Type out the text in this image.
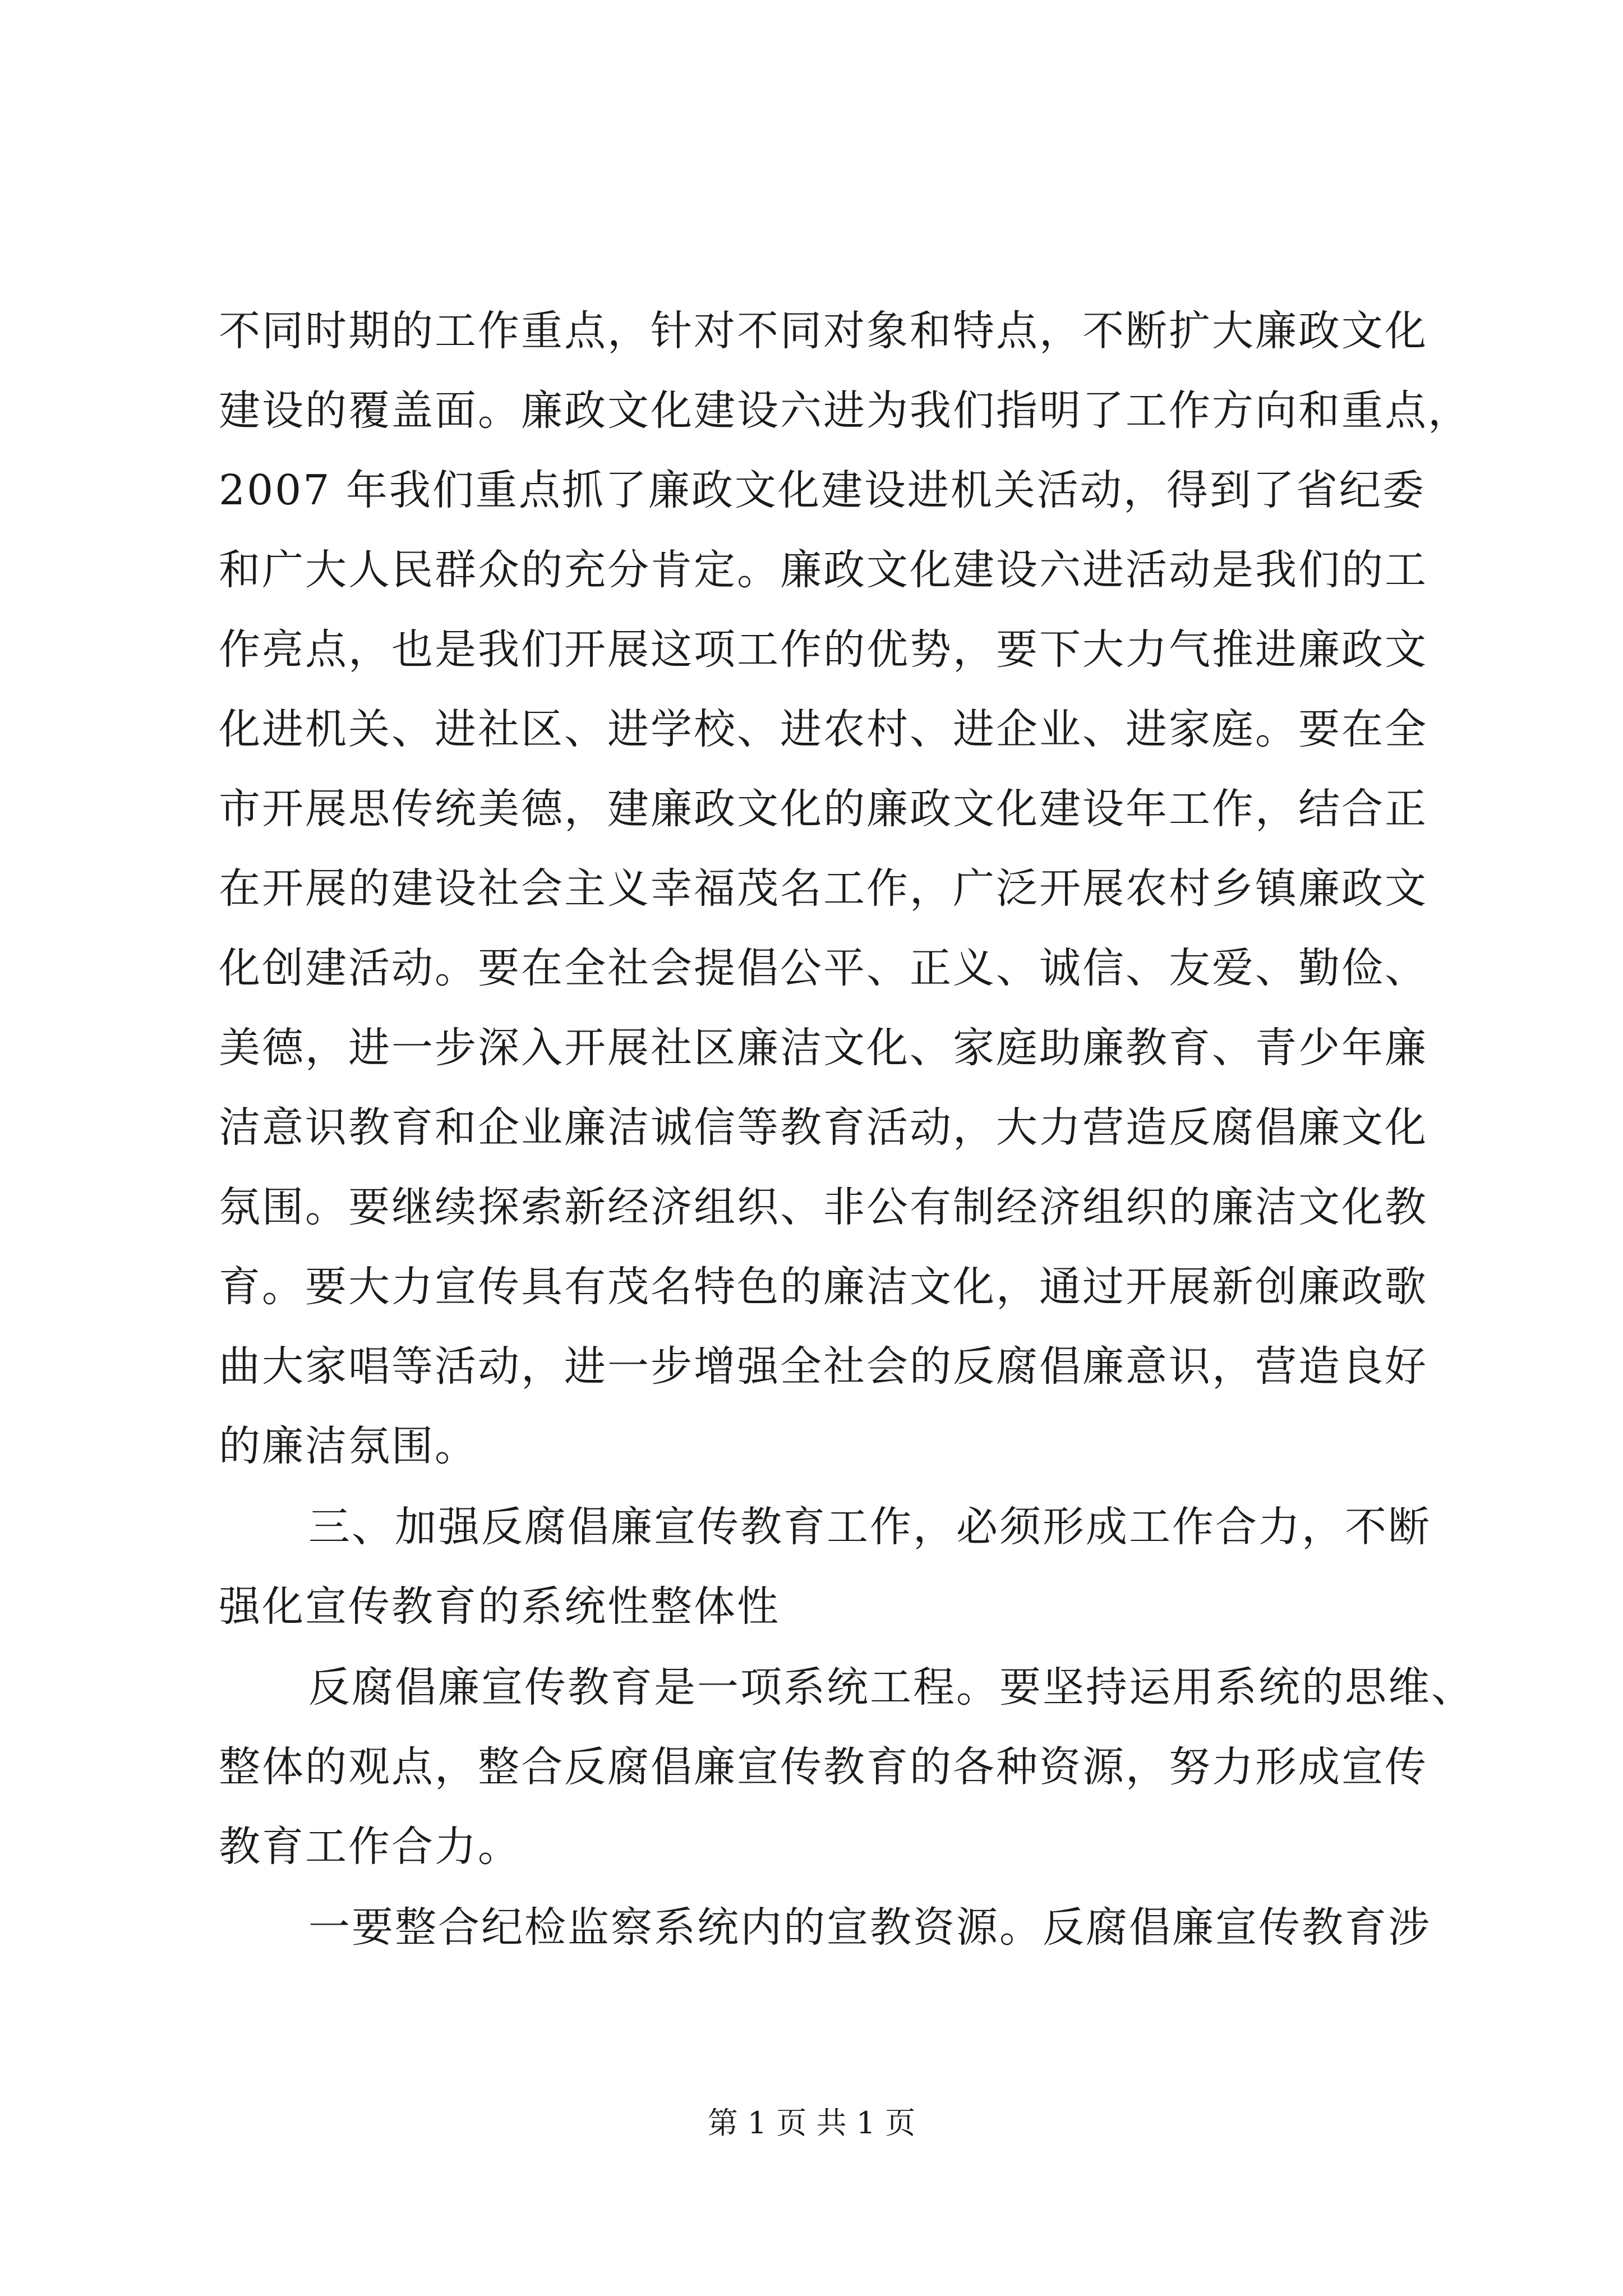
不同时期的工作重点，针对不同对象和特点，不断扩大廉政文化
建设的覆盖面。廉政文化建设六进为我们指明了工作方向和重点，
2007 年我们重点抓了廉政文化建设进机关活动，得到了省纪委
和广大人民群众的充分肯定。廉政文化建设六进活动是我们的工
作亮点，也是我们开展这项工作的优势，要下大力气推进廉政文
化进机关、进社区、进学校、进农村、进企业、进家庭。要在全
市开展思传统美德，建廉政文化的廉政文化建设年工作，结合正
在开展的建设社会主义幸福茂名工作，广泛开展农村乡镇廉政文
化创建活动。要在全社会提倡公平、正义、诚信、友爱、勤俭、
美德，进一步深入开展社区廉洁文化、家庭助廉教育、青少年廉
洁意识教育和企业廉洁诚信等教育活动，大力营造反腐倡廉文化
氛围。要继续探索新经济组织、非公有制经济组织的廉洁文化教
育。要大力宣传具有茂名特色的廉洁文化，通过开展新创廉政歌
曲大家唱等活动，进一步增强全社会的反腐倡廉意识，营造良好
的廉洁氛围。
三、加强反腐倡廉宣传教育工作，必须形成工作合力，不断
强化宣传教育的系统性整体性
反腐倡廉宣传教育是一项系统工程。要坚持运用系统的思维、
整体的观点，整合反腐倡廉宣传教育的各种资源，努力形成宣传
教育工作合力。
一要整合纪检监察系统内的宣教资源。反腐倡廉宣传教育涉
第 1 页 共 1 页
